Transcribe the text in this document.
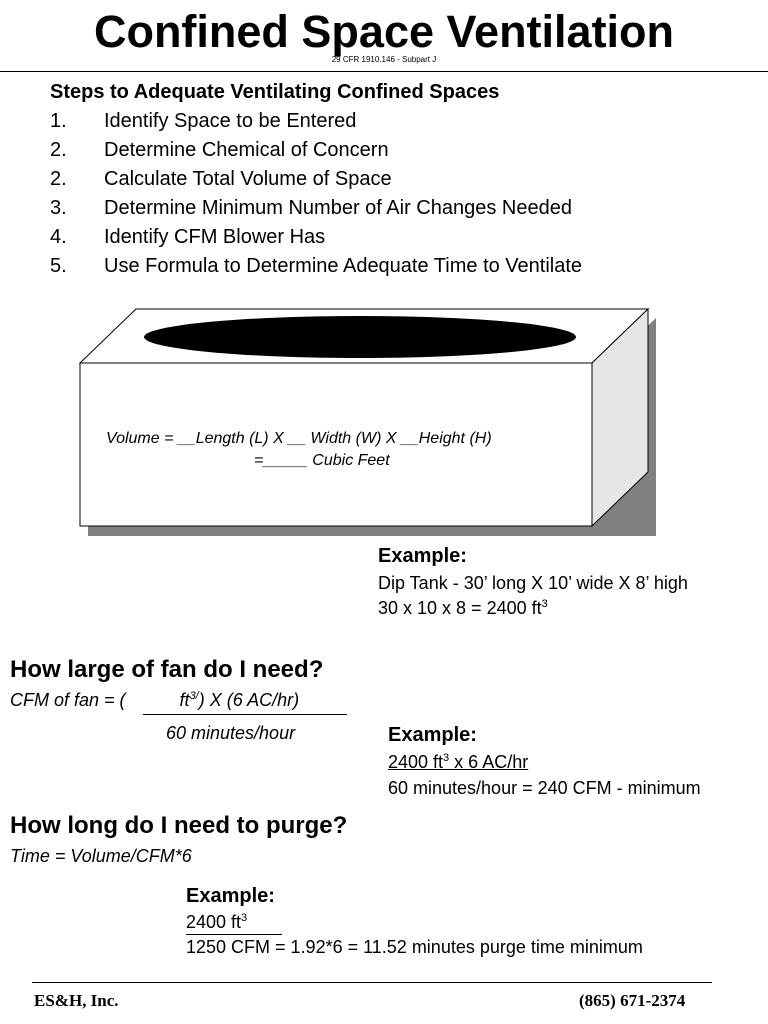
Confined Space Ventilation
29 CFR 1910.146 - Subpart J
Steps to Adequate Ventilating Confined Spaces
1. Identify Space to be Entered
2. Determine Chemical of Concern
2. Calculate Total Volume of Space
3. Determine Minimum Number of Air Changes Needed
4. Identify CFM Blower Has
5. Use Formula to Determine Adequate Time to Ventilate
Volume = __Length (L) X __ Width (W) X __Height (H)
=_____ Cubic Feet
Example:
Dip Tank - 30’ long X 10’ wide X 8’ high
30 x 10 x 8 = 2400 $ft^3$
How large of fan do I need?
CFM of fan = (	$ft^{3/}$) X (6 AC/hr)
60 minutes/hour	Example:
2400 $ft^3$ x 6 AC/hr
60 minutes/hour = 240 CFM - minimum
How long do I need to purge?
Time = Volume/CFM*6
Example:
2400 $ft^3$
1250 CFM = 1.92*6 = 11.52 minutes purge time minimum
ES&H, Inc.	(865) 671-2374
